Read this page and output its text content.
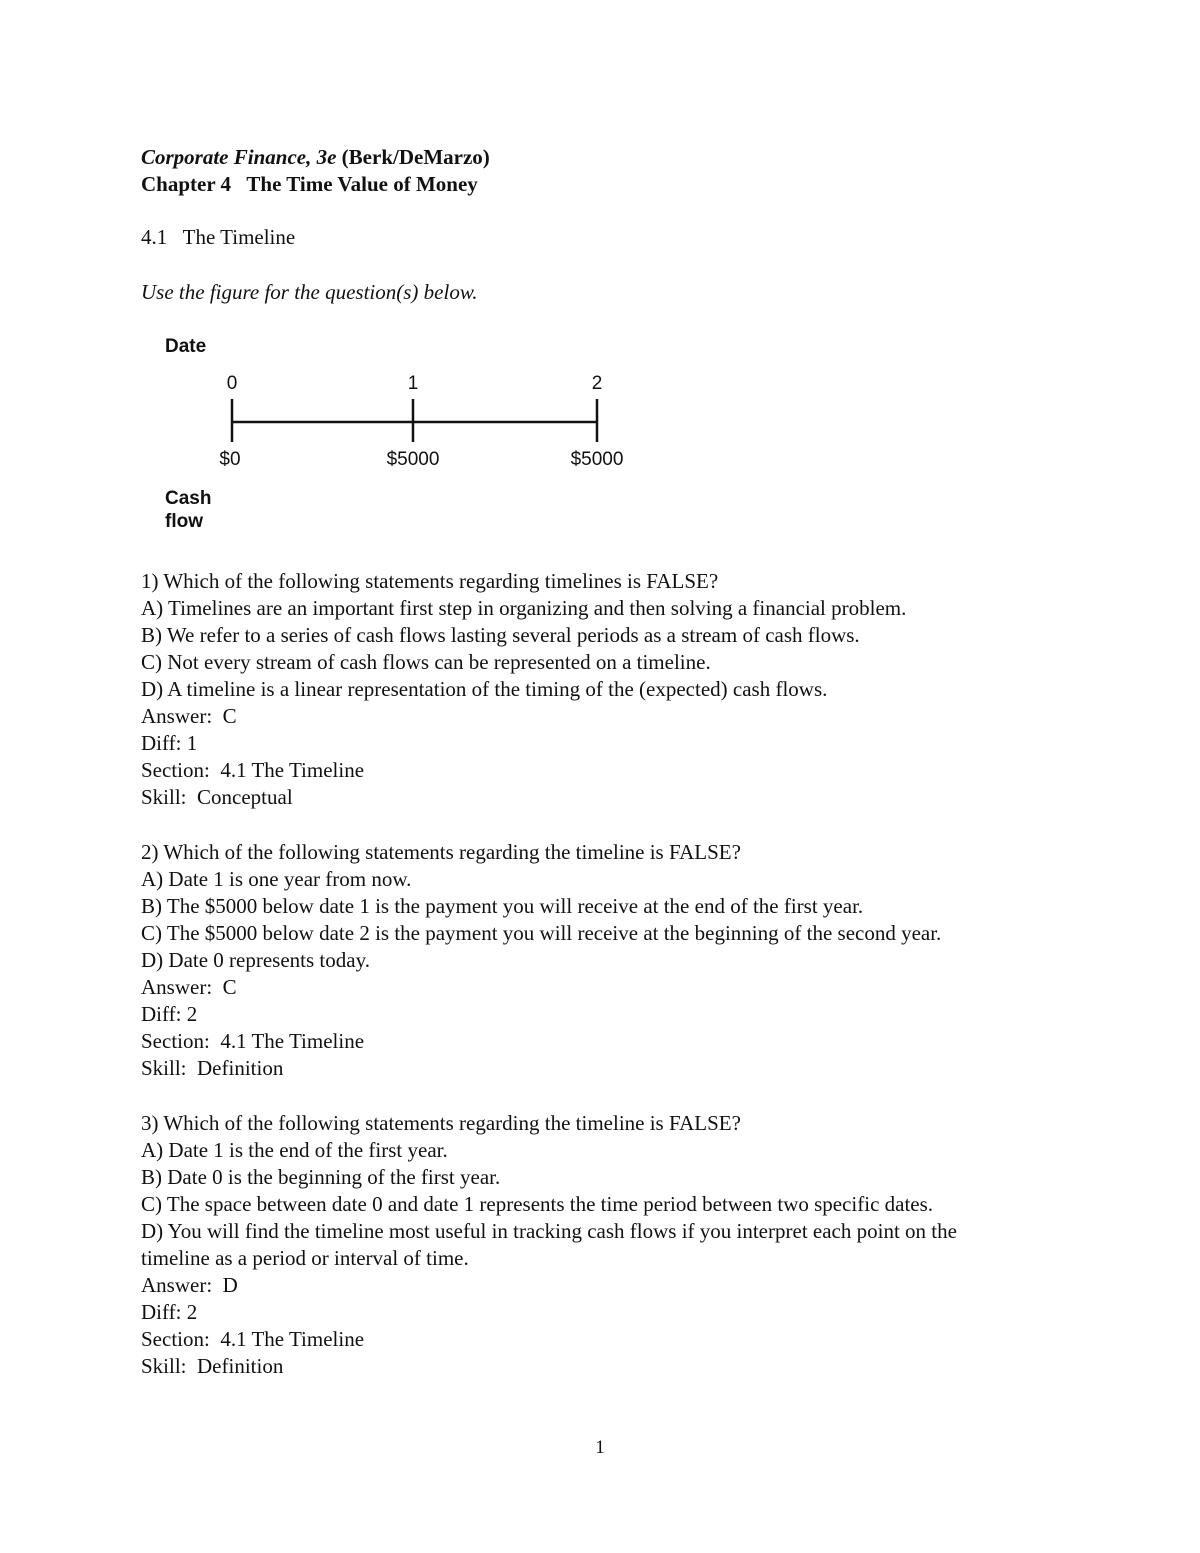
Corporate Finance, 3e (Berk/DeMarzo)
Chapter 4   The Time Value of Money
4.1   The Timeline
Use the figure for the question(s) below.
Date
0	1	2
$0	$5000	$5000
Cash
flow
1) Which of the following statements regarding timelines is FALSE?
A) Timelines are an important first step in organizing and then solving a financial problem.
B) We refer to a series of cash flows lasting several periods as a stream of cash flows.
C) Not every stream of cash flows can be represented on a timeline.
D) A timeline is a linear representation of the timing of the (expected) cash flows.
Answer:  C
Diff: 1
Section:  4.1 The Timeline
Skill:  Conceptual
2) Which of the following statements regarding the timeline is FALSE?
A) Date 1 is one year from now.
B) The $5000 below date 1 is the payment you will receive at the end of the first year.
C) The $5000 below date 2 is the payment you will receive at the beginning of the second year.
D) Date 0 represents today.
Answer:  C
Diff: 2
Section:  4.1 The Timeline
Skill:  Definition
3) Which of the following statements regarding the timeline is FALSE?
A) Date 1 is the end of the first year.
B) Date 0 is the beginning of the first year.
C) The space between date 0 and date 1 represents the time period between two specific dates.
D) You will find the timeline most useful in tracking cash flows if you interpret each point on the
timeline as a period or interval of time.
Answer:  D
Diff: 2
Section:  4.1 The Timeline
Skill:  Definition
1
